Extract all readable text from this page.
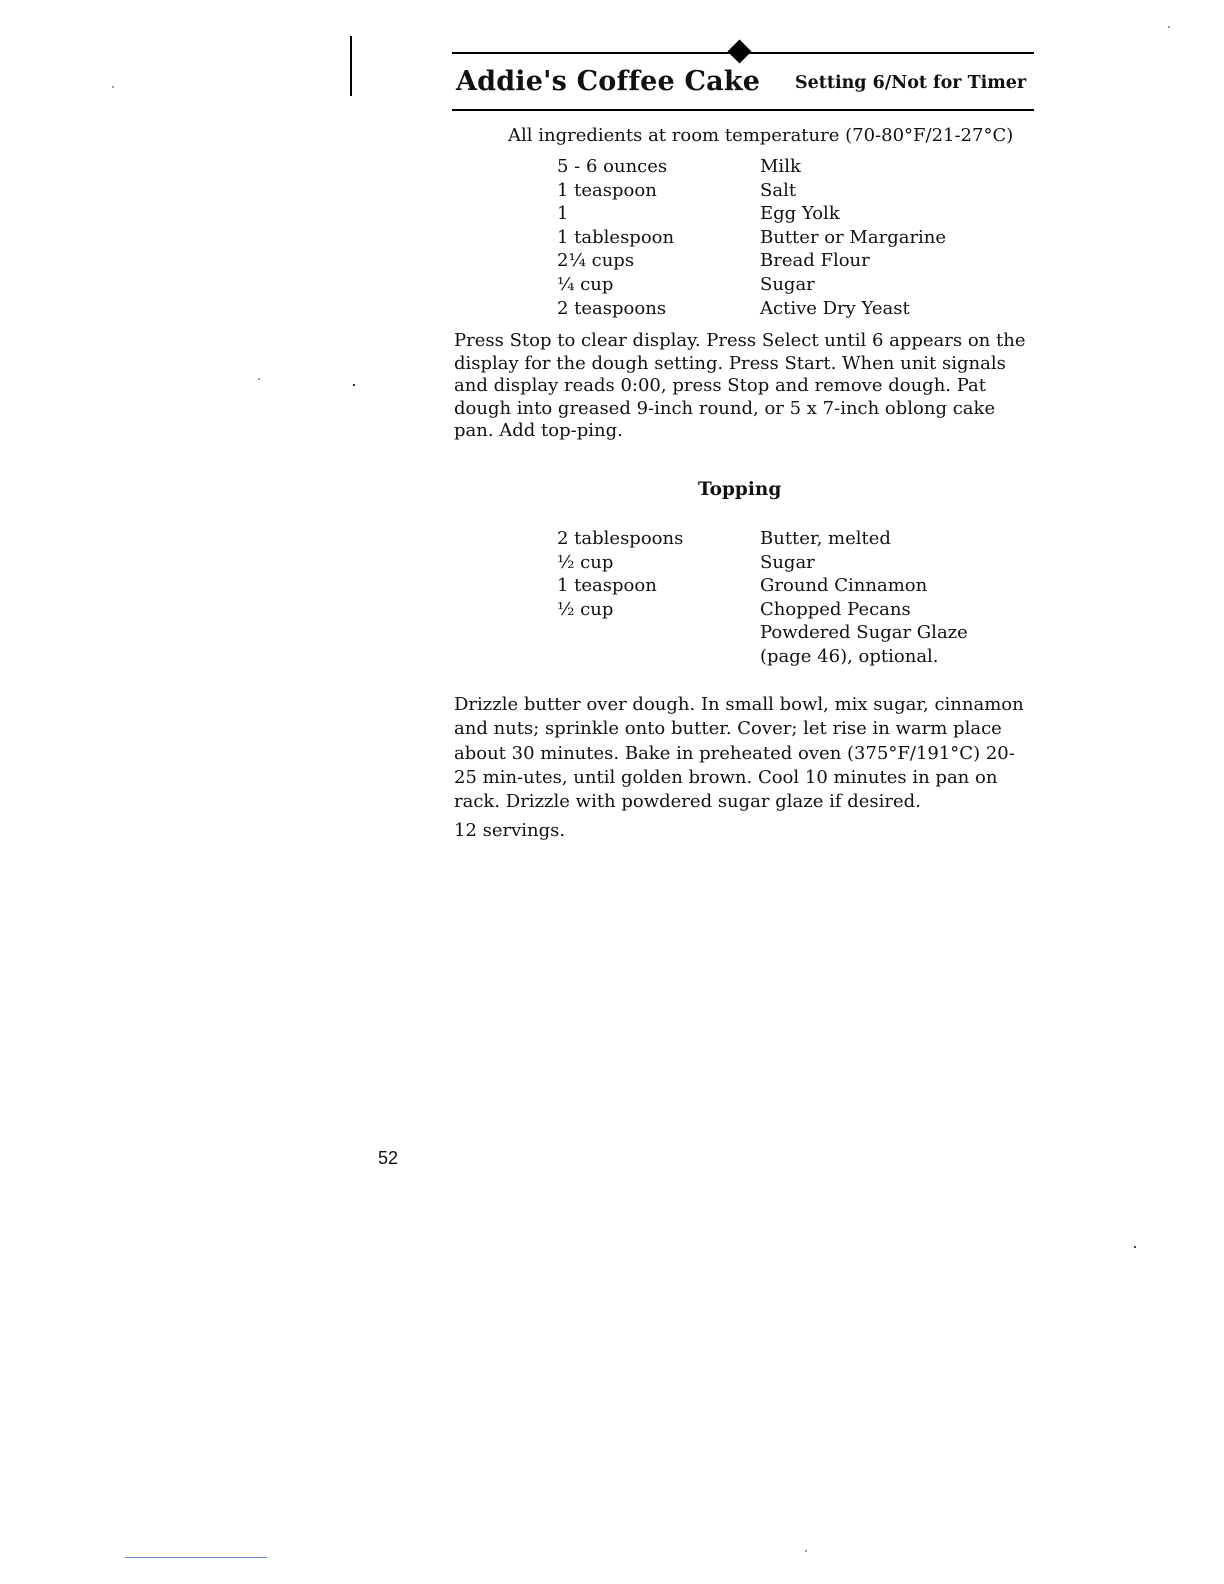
Addie's Coffee Cake Setting 6/Not for Timer
All ingredients at room temperature (70-80°F/21-27°C)
5 - 6 ounces	Milk
1 teaspoon	Salt
1	Egg Yolk
1 tablespoon	Butter or Margarine
2¼ cups	Bread Flour
¼ cup	Sugar
2 teaspoons	Active Dry Yeast
Press Stop to clear display. Press Select until 6 appears on the display for the dough setting. Press Start. When unit signals and display reads 0:00, press Stop and remove dough. Pat dough into greased 9-inch round, or 5 x 7-inch oblong cake pan. Add top-ping.
Topping
2 tablespoons	Butter, melted
½ cup	Sugar
1 teaspoon	Ground Cinnamon
½ cup	Chopped Pecans
Powdered Sugar Glaze
(page 46), optional.
Drizzle butter over dough. In small bowl, mix sugar, cinnamon and nuts; sprinkle onto butter. Cover; let rise in warm place about 30 minutes. Bake in preheated oven (375°F/191°C) 20-25 min-utes, until golden brown. Cool 10 minutes in pan on rack. Drizzle with powdered sugar glaze if desired.
12 servings.
52
